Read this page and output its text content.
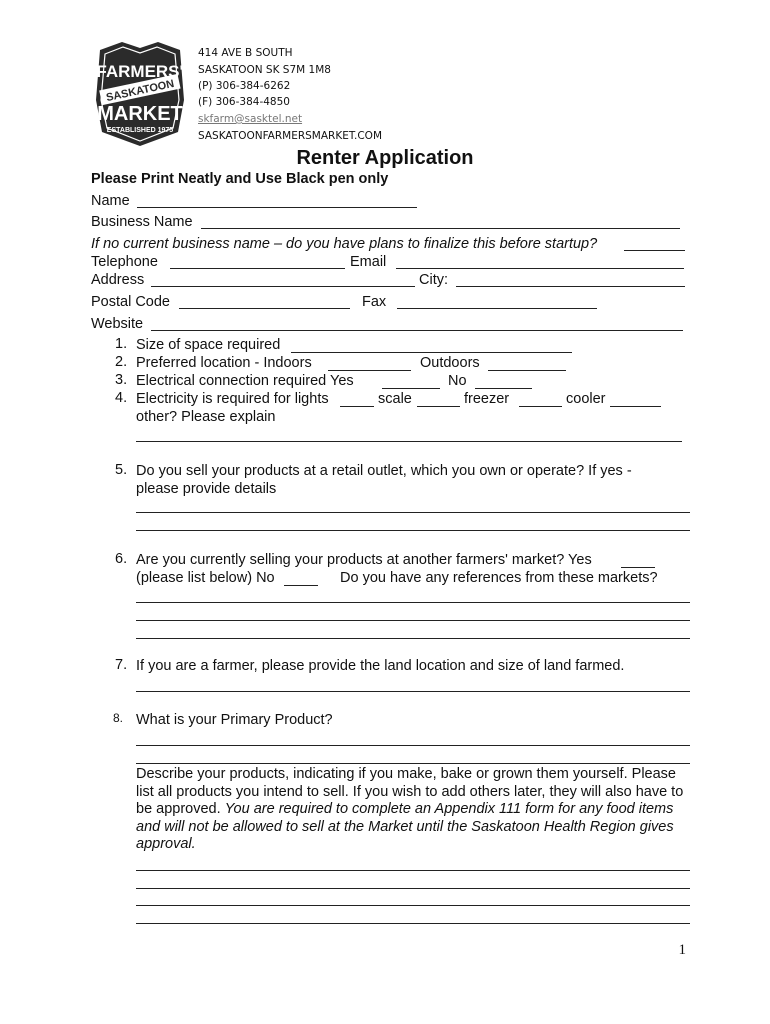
FARMERS'
SASKATOON
MARKET
ESTABLISHED 1975
414 AVE B SOUTH
SASKATOON SK S7M 1M8
(P) 306-384-6262
(F) 306-384-4850
skfarm@sasktel.net
SASKATOONFARMERSMARKET.COM
Renter Application
Please Print Neatly and Use Black pen only
Name
Business Name
If no current business name – do you have plans to finalize this before startup?
Telephone	Email
Address	City:
Postal Code	Fax
Website
1. Size of space required
2. Preferred location - Indoors	Outdoors
3. Electrical connection required Yes	No
4. Electricity is required for lights	scale	freezer	cooler
other? Please explain
5. Do you sell your products at a retail outlet, which you own or operate? If yes -
please provide details
6. Are you currently selling your products at another farmers' market? Yes
(please list below) No	Do you have any references from these markets?
7. If you are a farmer, please provide the land location and size of land farmed.
8. What is your Primary Product?
Describe your products, indicating if you make, bake or grown them yourself. Please list all products you intend to sell. If you wish to add others later, they will also have to be approved. You are required to complete an Appendix 111 form for any food items and will not be allowed to sell at the Market until the Saskatoon Health Region gives approval.
1
